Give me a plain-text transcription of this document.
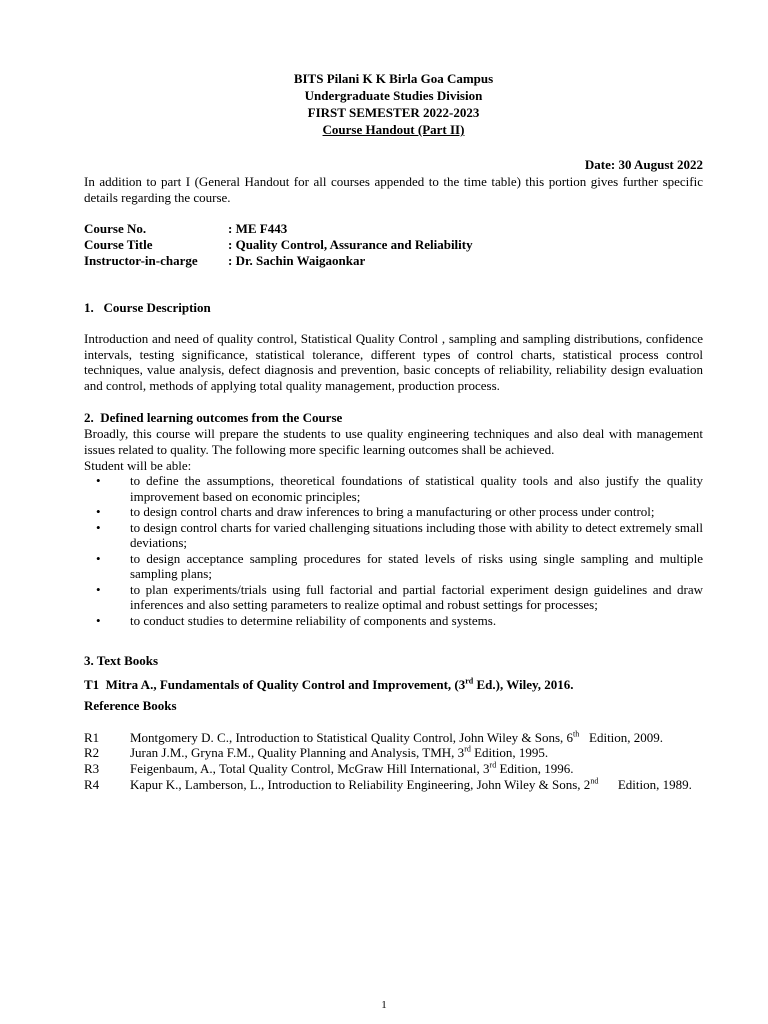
BITS Pilani K K Birla Goa Campus
Undergraduate Studies Division
FIRST SEMESTER 2022-2023
Course Handout (Part II)
Date: 30 August 2022
In addition to part I (General Handout for all courses appended to the time table) this portion gives further specific details regarding the course.
Course No.	: ME F443
Course Title	: Quality Control, Assurance and Reliability
Instructor-in-charge : Dr. Sachin Waigaonkar
1.   Course Description
Introduction and need of quality control, Statistical Quality Control , sampling and sampling distributions, confidence intervals, testing significance, statistical tolerance, different types of control charts, statistical process control techniques, value analysis, defect diagnosis and prevention, basic concepts of reliability, reliability design evaluation and control, methods of applying total quality management, production process.
2.  Defined learning outcomes from the Course
Broadly, this course will prepare the students to use quality engineering techniques and also deal with management issues related to quality. The following more specific learning outcomes shall be achieved.
Student will be able:
• to define the assumptions, theoretical foundations of statistical quality tools and also justify the quality improvement based on economic principles;
• to design control charts and draw inferences to bring a manufacturing or other process under control;
• to design control charts for varied challenging situations including those with ability to detect extremely small deviations;
• to design acceptance sampling procedures for stated levels of risks using single sampling and multiple sampling plans;
• to plan experiments/trials using full factorial and partial factorial experiment design guidelines and draw inferences and also setting parameters to realize optimal and robust settings for processes;
• to conduct studies to determine reliability of components and systems.
3. Text Books
T1 Mitra A., Fundamentals of Quality Control and Improvement, (3rd Ed.), Wiley, 2016.
Reference Books
R1 Montgomery D. C., Introduction to Statistical Quality Control, John Wiley & Sons, 6th   Edition, 2009.
R2 Juran J.M., Gryna F.M., Quality Planning and Analysis, TMH, 3rd Edition, 1995.
R3 Feigenbaum, A., Total Quality Control, McGraw Hill International, 3rd Edition, 1996.
R4 Kapur K., Lamberson, L., Introduction to Reliability Engineering, John Wiley & Sons, 2nd      Edition, 1989.
1
